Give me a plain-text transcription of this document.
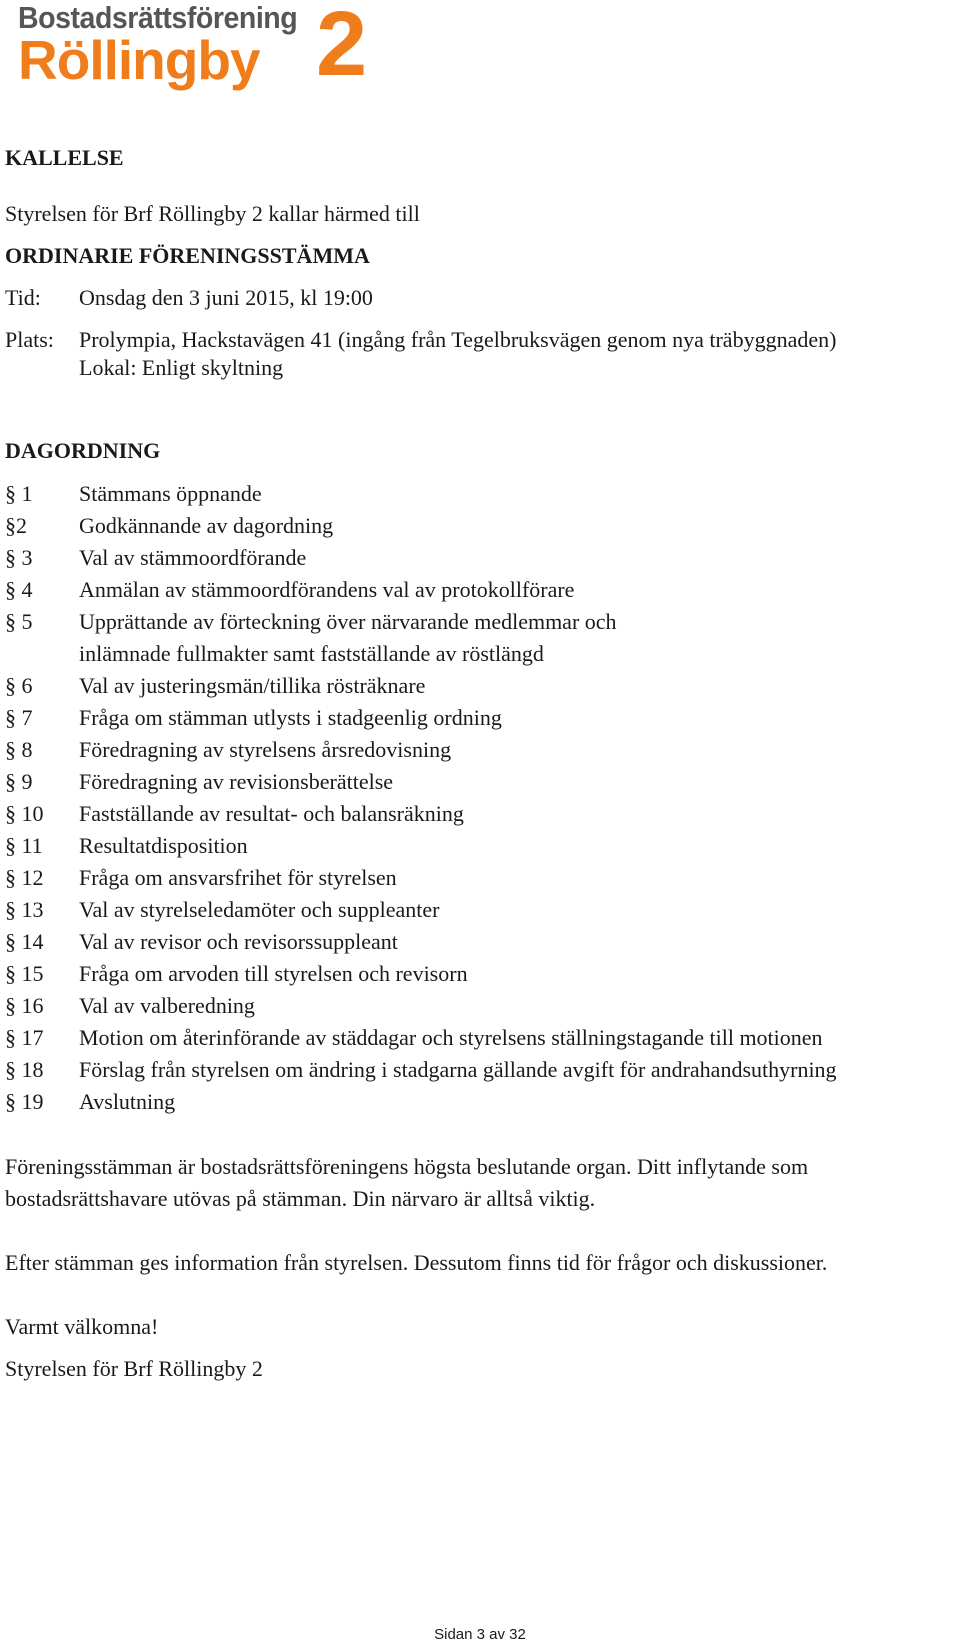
Bostadsrättsförening
Röllingby 2
KALLELSE
Styrelsen för Brf Röllingby 2 kallar härmed till
ORDINARIE FÖRENINGSSTÄMMA
Tid: Onsdag den 3 juni 2015, kl 19:00
Plats: Prolympia, Hackstavägen 41 (ingång från Tegelbruksvägen genom nya träbyggnaden)
Lokal: Enligt skyltning
DAGORDNING
§ 1	Stämmans öppnande
§2	Godkännande av dagordning
§ 3	Val av stämmoordförande
§ 4	Anmälan av stämmoordförandens val av protokollförare
§ 5	Upprättande av förteckning över närvarande medlemmar och
inlämnade fullmakter samt fastställande av röstlängd
§ 6	Val av justeringsmän/tillika rösträknare
§ 7	Fråga om stämman utlysts i stadgeenlig ordning
§ 8	Föredragning av styrelsens årsredovisning
§ 9	Föredragning av revisionsberättelse
§ 10	Fastställande av resultat- och balansräkning
§ 11	Resultatdisposition
§ 12	Fråga om ansvarsfrihet för styrelsen
§ 13	Val av styrelseledamöter och suppleanter
§ 14	Val av revisor och revisorssuppleant
§ 15	Fråga om arvoden till styrelsen och revisorn
§ 16	Val av valberedning
§ 17	Motion om återinförande av städdagar och styrelsens ställningstagande till motionen
§ 18	Förslag från styrelsen om ändring i stadgarna gällande avgift för andrahandsuthyrning
§ 19	Avslutning
Föreningsstämman är bostadsrättsföreningens högsta beslutande organ. Ditt inflytande som
bostadsrättshavare utövas på stämman. Din närvaro är alltså viktig.
Efter stämman ges information från styrelsen. Dessutom finns tid för frågor och diskussioner.
Varmt välkomna!
Styrelsen för Brf Röllingby 2
Sidan 3 av 32
